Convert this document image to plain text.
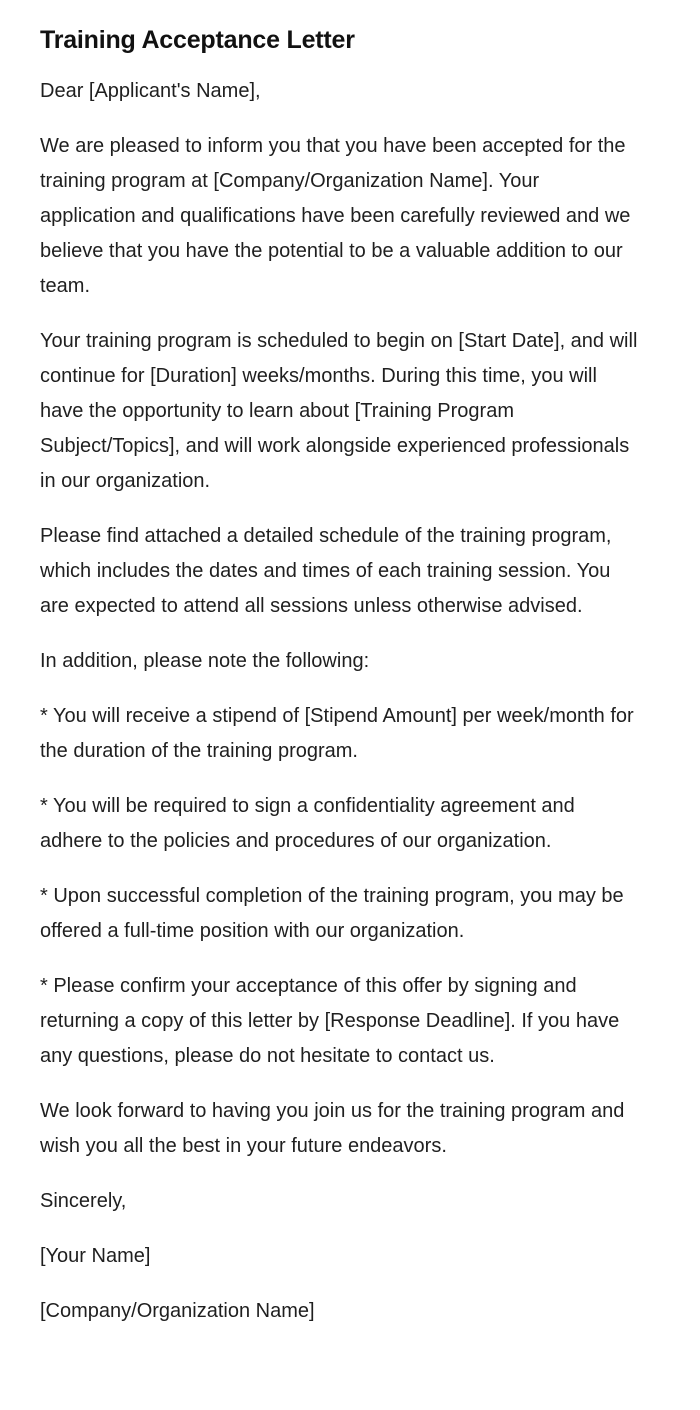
Training Acceptance Letter

Dear [Applicant's Name],

We are pleased to inform you that you have been accepted for the training program at [Company/Organization Name]. Your application and qualifications have been carefully reviewed and we believe that you have the potential to be a valuable addition to our team.

Your training program is scheduled to begin on [Start Date], and will continue for [Duration] weeks/months. During this time, you will have the opportunity to learn about [Training Program Subject/Topics], and will work alongside experienced professionals in our organization.

Please find attached a detailed schedule of the training program, which includes the dates and times of each training session. You are expected to attend all sessions unless otherwise advised.

In addition, please note the following:

* You will receive a stipend of [Stipend Amount] per week/month for the duration of the training program.

* You will be required to sign a confidentiality agreement and adhere to the policies and procedures of our organization.

* Upon successful completion of the training program, you may be offered a full-time position with our organization.

* Please confirm your acceptance of this offer by signing and returning a copy of this letter by [Response Deadline]. If you have any questions, please do not hesitate to contact us.

We look forward to having you join us for the training program and wish you all the best in your future endeavors.

Sincerely,

[Your Name]

[Company/Organization Name]
